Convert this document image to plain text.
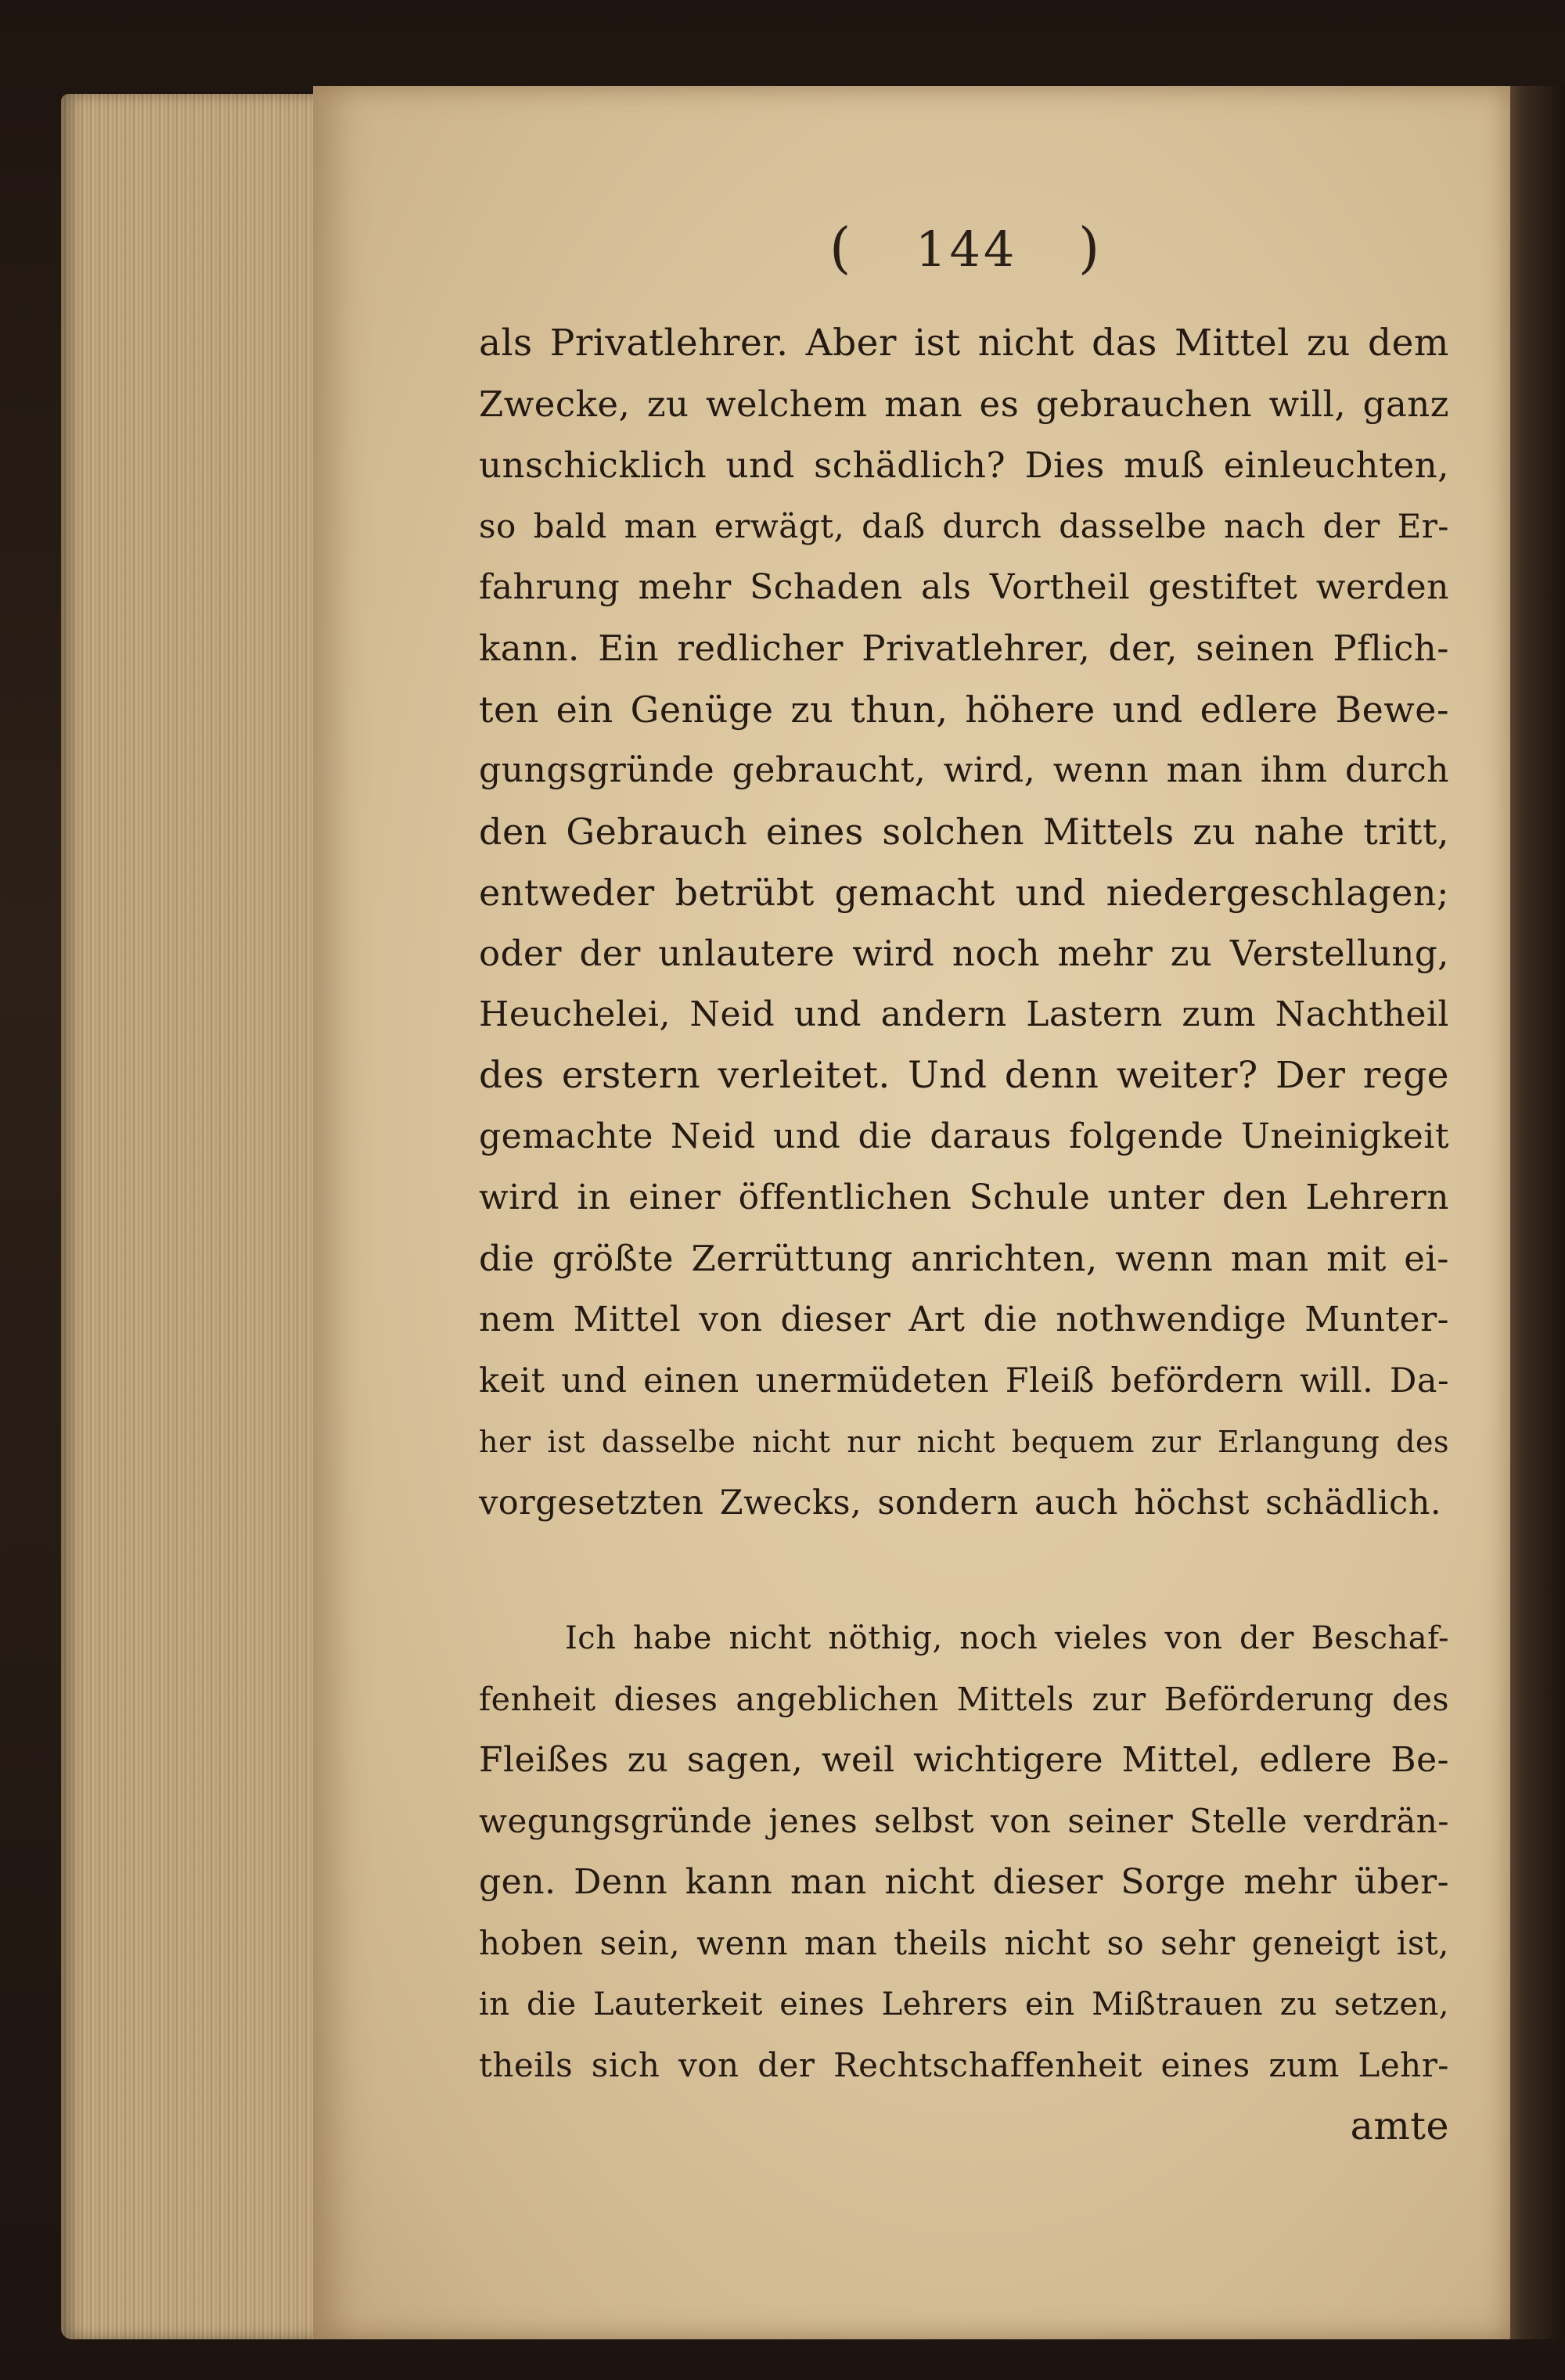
( 144 )
als Privatlehrer. Aber ist nicht das Mittel zu dem
Zwecke, zu welchem man es gebrauchen will, ganz
unschicklich und schädlich? Dies muß einleuchten,
so bald man erwägt, daß durch dasselbe nach der Er-
fahrung mehr Schaden als Vortheil gestiftet werden
kann. Ein redlicher Privatlehrer, der, seinen Pflich-
ten ein Genüge zu thun, höhere und edlere Bewe-
gungsgründe gebraucht, wird, wenn man ihm durch
den Gebrauch eines solchen Mittels zu nahe tritt,
entweder betrübt gemacht und niedergeschlagen;
oder der unlautere wird noch mehr zu Verstellung,
Heuchelei, Neid und andern Lastern zum Nachtheil
des erstern verleitet. Und denn weiter? Der rege
gemachte Neid und die daraus folgende Uneinigkeit
wird in einer öffentlichen Schule unter den Lehrern
die größte Zerrüttung anrichten, wenn man mit ei-
nem Mittel von dieser Art die nothwendige Munter-
keit und einen unermüdeten Fleiß befördern will. Da-
her ist dasselbe nicht nur nicht bequem zur Erlangung des
vorgesetzten Zwecks, sondern auch höchst schädlich.
Ich habe nicht nöthig, noch vieles von der Beschaf-
fenheit dieses angeblichen Mittels zur Beförderung des
Fleißes zu sagen, weil wichtigere Mittel, edlere Be-
wegungsgründe jenes selbst von seiner Stelle verdrän-
gen. Denn kann man nicht dieser Sorge mehr über-
hoben sein, wenn man theils nicht so sehr geneigt ist,
in die Lauterkeit eines Lehrers ein Mißtrauen zu setzen,
theils sich von der Rechtschaffenheit eines zum Lehr-
amte
